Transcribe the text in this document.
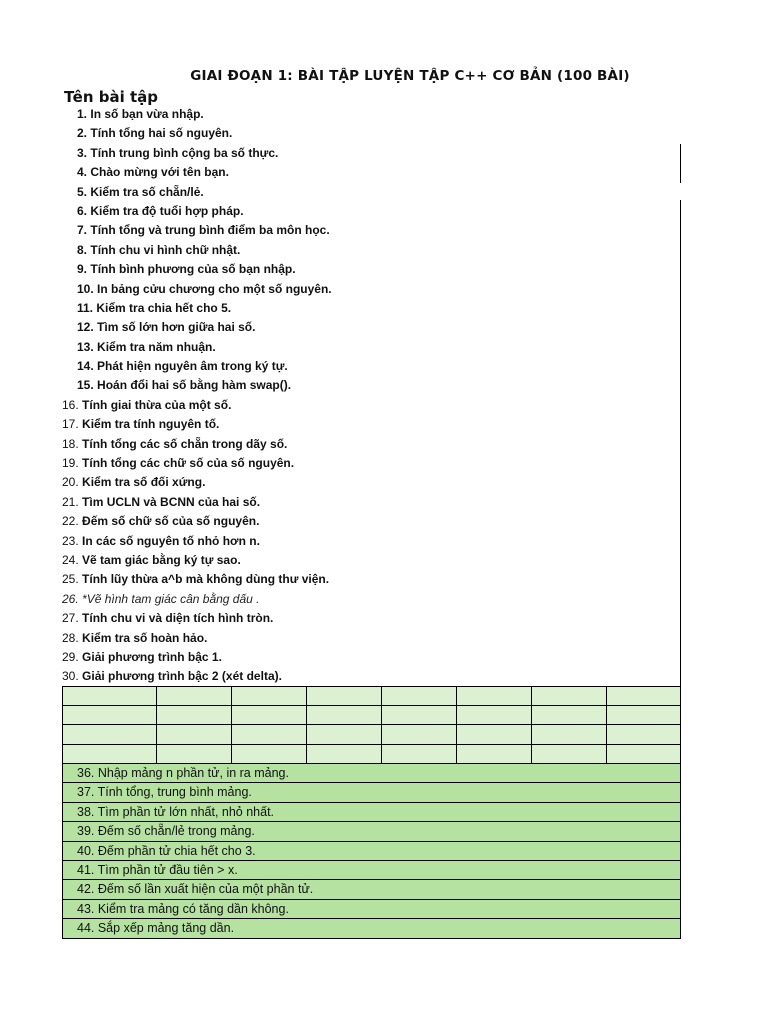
GIAI ĐOẠN 1: BÀI TẬP LUYỆN TẬP C++ CƠ BẢN (100 BÀI)
Tên bài tập
1. In số bạn vừa nhập.
2. Tính tổng hai số nguyên.
3. Tính trung bình cộng ba số thực.
4. Chào mừng với tên bạn.
5. Kiểm tra số chẵn/lẻ.
6. Kiểm tra độ tuổi hợp pháp.
7. Tính tổng và trung bình điểm ba môn học.
8. Tính chu vi hình chữ nhật.
9. Tính bình phương của số bạn nhập.
10. In bảng cửu chương cho một số nguyên.
11. Kiểm tra chia hết cho 5.
12. Tìm số lớn hơn giữa hai số.
13. Kiểm tra năm nhuận.
14. Phát hiện nguyên âm trong ký tự.
15. Hoán đổi hai số bằng hàm swap().
16. Tính giai thừa của một số.
17. Kiểm tra tính nguyên tố.
18. Tính tổng các số chẵn trong dãy số.
19. Tính tổng các chữ số của số nguyên.
20. Kiểm tra số đối xứng.
21. Tìm UCLN và BCNN của hai số.
22. Đếm số chữ số của số nguyên.
23. In các số nguyên tố nhỏ hơn n.
24. Vẽ tam giác bằng ký tự sao.
25. Tính lũy thừa a^b mà không dùng thư viện.
26. *Vẽ hình tam giác cân bằng dấu .
27. Tính chu vi và diện tích hình tròn.
28. Kiểm tra số hoàn hảo.
29. Giải phương trình bậc 1.
30. Giải phương trình bậc 2 (xét delta).

36. Nhập mảng n phần tử, in ra mảng.
37. Tính tổng, trung bình mảng.
38. Tìm phần tử lớn nhất, nhỏ nhất.
39. Đếm số chẵn/lẻ trong mảng.
40. Đếm phần tử chia hết cho 3.
41. Tìm phần tử đầu tiên > x.
42. Đếm số lần xuất hiện của một phần tử.
43. Kiểm tra mảng có tăng dần không.
44. Sắp xếp mảng tăng dần.
